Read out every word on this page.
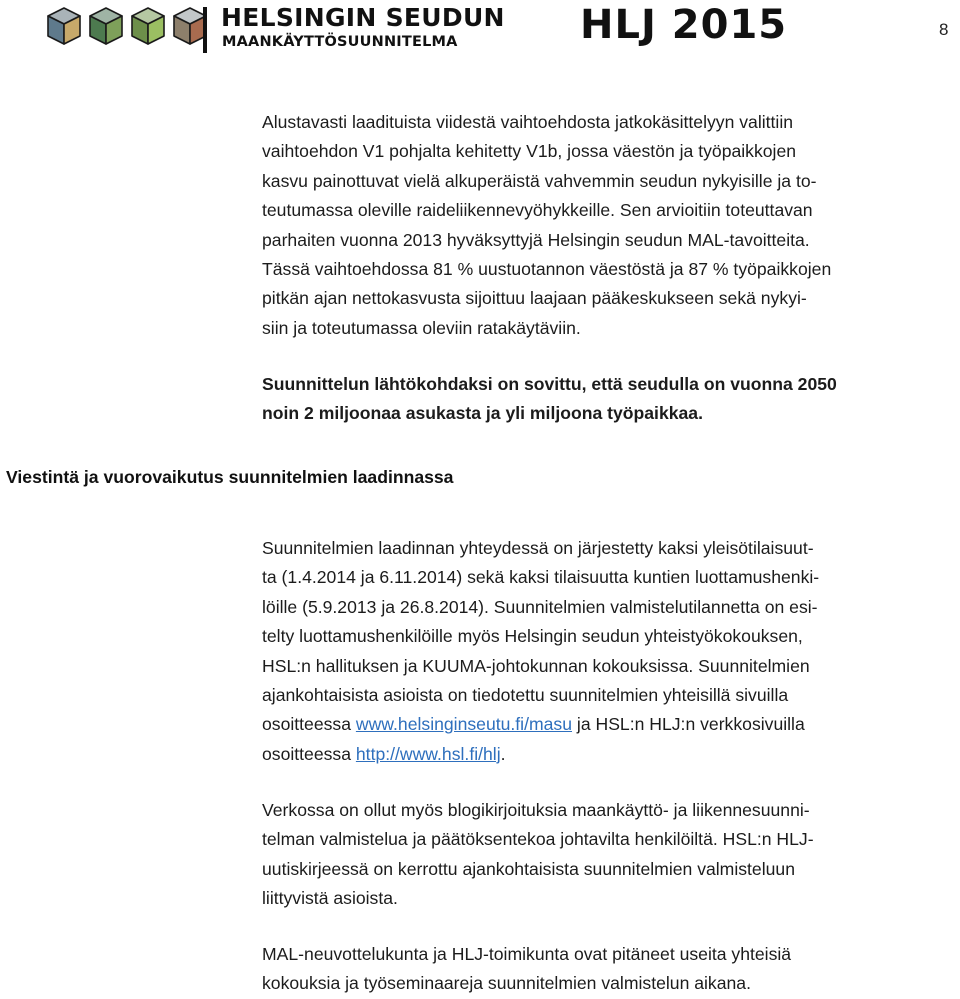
HELSINGIN SEUDUN
MAANKÄYTTÖSUUNNITELMA	HLJ 2015	8

Alustavasti laadituista viidestä vaihtoehdosta jatkokäsittelyyn valittiin
vaihtoehdon V1 pohjalta kehitetty V1b, jossa väestön ja työpaikkojen
kasvu painottuvat vielä alkuperäistä vahvemmin seudun nykyisille ja to-
teutumassa oleville raideliikennevyöhykkeille. Sen arvioitiin toteuttavan
parhaiten vuonna 2013 hyväksyttyjä Helsingin seudun MAL-tavoitteita.
Tässä vaihtoehdossa 81 % uustuotannon väestöstä ja 87 % työpaikkojen
pitkän ajan nettokasvusta sijoittuu laajaan pääkeskukseen sekä nykyi-
siin ja toteutumassa oleviin ratakäytäviin.

Suunnittelun lähtökohdaksi on sovittu, että seudulla on vuonna 2050
noin 2 miljoonaa asukasta ja yli miljoona työpaikkaa.

Viestintä ja vuorovaikutus suunnitelmien laadinnassa

Suunnitelmien laadinnan yhteydessä on järjestetty kaksi yleisötilaisuut-
ta (1.4.2014 ja 6.11.2014) sekä kaksi tilaisuutta kuntien luottamushenki-
löille (5.9.2013 ja 26.8.2014). Suunnitelmien valmistelutilannetta on esi-
telty luottamushenkilöille myös Helsingin seudun yhteistyökokouksen,
HSL:n hallituksen ja KUUMA-johtokunnan kokouksissa. Suunnitelmien
ajankohtaisista asioista on tiedotettu suunnitelmien yhteisillä sivuilla
osoitteessa www.helsinginseutu.fi/masu ja HSL:n HLJ:n verkkosivuilla
osoitteessa http://www.hsl.fi/hlj.

Verkossa on ollut myös blogikirjoituksia maankäyttö- ja liikennesuunni-
telman valmistelua ja päätöksentekoa johtavilta henkilöiltä. HSL:n HLJ-
uutiskirjeessä on kerrottu ajankohtaisista suunnitelmien valmisteluun
liittyvistä asioista.

MAL-neuvottelukunta ja HLJ-toimikunta ovat pitäneet useita yhteisiä
kokouksia ja työseminaareja suunnitelmien valmistelun aikana.
